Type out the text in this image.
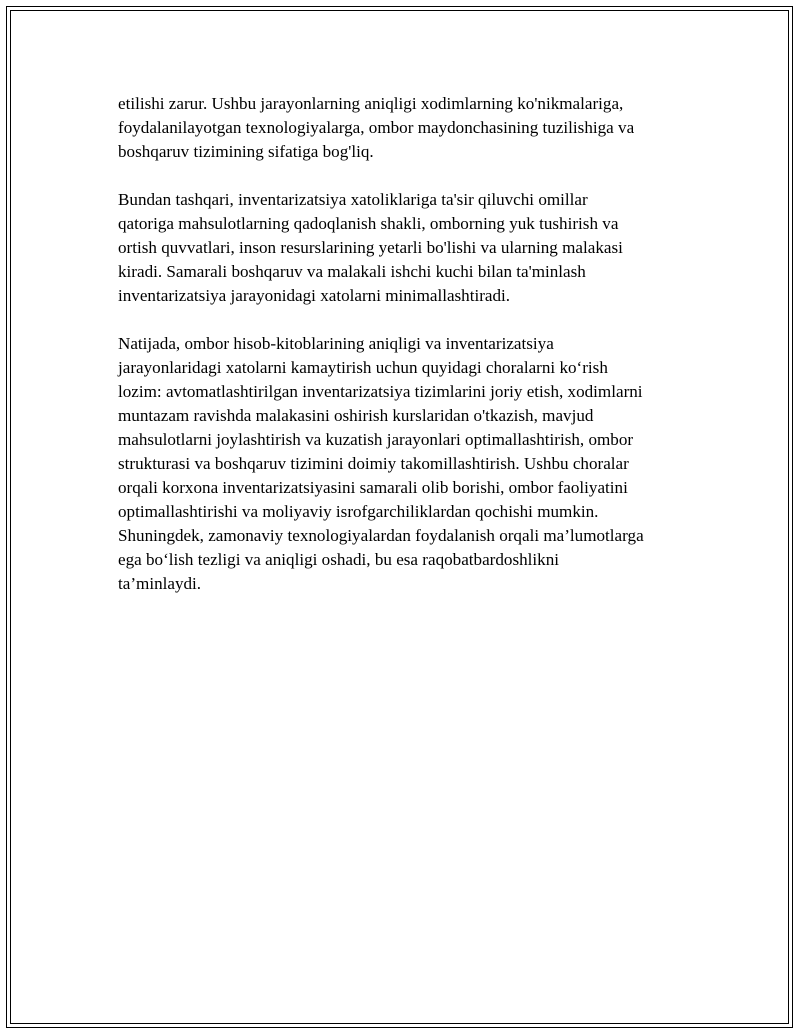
etilishi zarur. Ushbu jarayonlarning aniqligi xodimlarning ko'nikmalariga,
foydalanilayotgan texnologiyalarga, ombor maydonchasining tuzilishiga va
boshqaruv tizimining sifatiga bog'liq.

Bundan tashqari, inventarizatsiya xatoliklariga ta'sir qiluvchi omillar
qatoriga mahsulotlarning qadoqlanish shakli, omborning yuk tushirish va
ortish quvvatlari, inson resurslarining yetarli bo'lishi va ularning malakasi
kiradi. Samarali boshqaruv va malakali ishchi kuchi bilan ta'minlash
inventarizatsiya jarayonidagi xatolarni minimallashtiradi.

Natijada, ombor hisob-kitoblarining aniqligi va inventarizatsiya
jarayonlaridagi xatolarni kamaytirish uchun quyidagi choralarni ko‘rish
lozim: avtomatlashtirilgan inventarizatsiya tizimlarini joriy etish, xodimlarni
muntazam ravishda malakasini oshirish kurslaridan o'tkazish, mavjud
mahsulotlarni joylashtirish va kuzatish jarayonlari optimallashtirish, ombor
strukturasi va boshqaruv tizimini doimiy takomillashtirish. Ushbu choralar
orqali korxona inventarizatsiyasini samarali olib borishi, ombor faoliyatini
optimallashtirishi va moliyaviy isrofgarchiliklardan qochishi mumkin.
Shuningdek, zamonaviy texnologiyalardan foydalanish orqali ma’lumotlarga
ega bo‘lish tezligi va aniqligi oshadi, bu esa raqobatbardoshlikni
ta’minlaydi.
